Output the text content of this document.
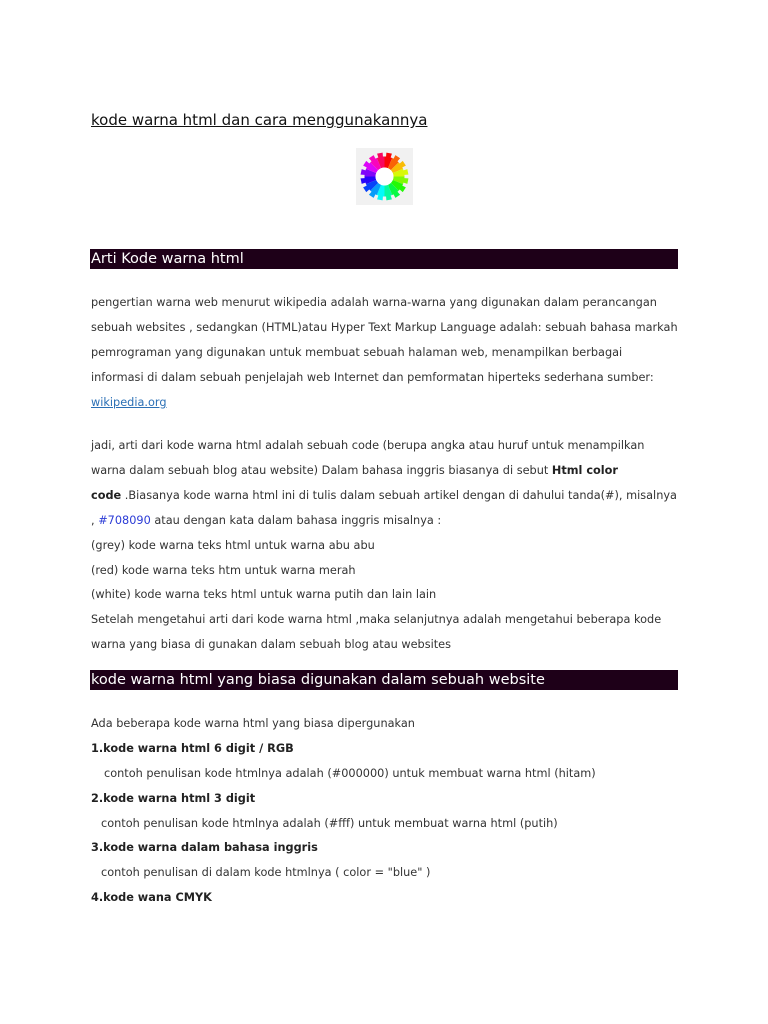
kode warna html dan cara menggunakannya
Arti Kode warna html

pengertian warna web menurut wikipedia adalah warna-warna yang digunakan dalam perancangan

sebuah websites , sedangkan (HTML)atau Hyper Text Markup Language adalah: sebuah bahasa markah

pemrograman yang digunakan untuk membuat sebuah halaman web, menampilkan berbagai

informasi di dalam sebuah penjelajah web Internet dan pemformatan hiperteks sederhana sumber:

wikipedia.org

jadi, arti dari kode warna html adalah sebuah code (berupa angka atau huruf untuk menampilkan

warna dalam sebuah blog atau website) Dalam bahasa inggris biasanya di sebut Html color

code .Biasanya kode warna html ini di tulis dalam sebuah artikel dengan di dahului tanda(#), misalnya

, #708090 atau dengan kata dalam bahasa inggris misalnya :

(grey) kode warna teks html untuk warna abu abu

(red) kode warna teks htm untuk warna merah

(white) kode warna teks html untuk warna putih dan lain lain

Setelah mengetahui arti dari kode warna html ,maka selanjutnya adalah mengetahui beberapa kode

warna yang biasa di gunakan dalam sebuah blog atau websites

kode warna html yang biasa digunakan dalam sebuah website

Ada beberapa kode warna html yang biasa dipergunakan

1.kode warna html 6 digit / RGB

contoh penulisan kode htmlnya adalah (#000000) untuk membuat warna html (hitam)

2.kode warna html 3 digit

contoh penulisan kode htmlnya adalah (#fff) untuk membuat warna html (putih)

3.kode warna dalam bahasa inggris

contoh penulisan di dalam kode htmlnya ( color = "blue" )

4.kode wana CMYK
